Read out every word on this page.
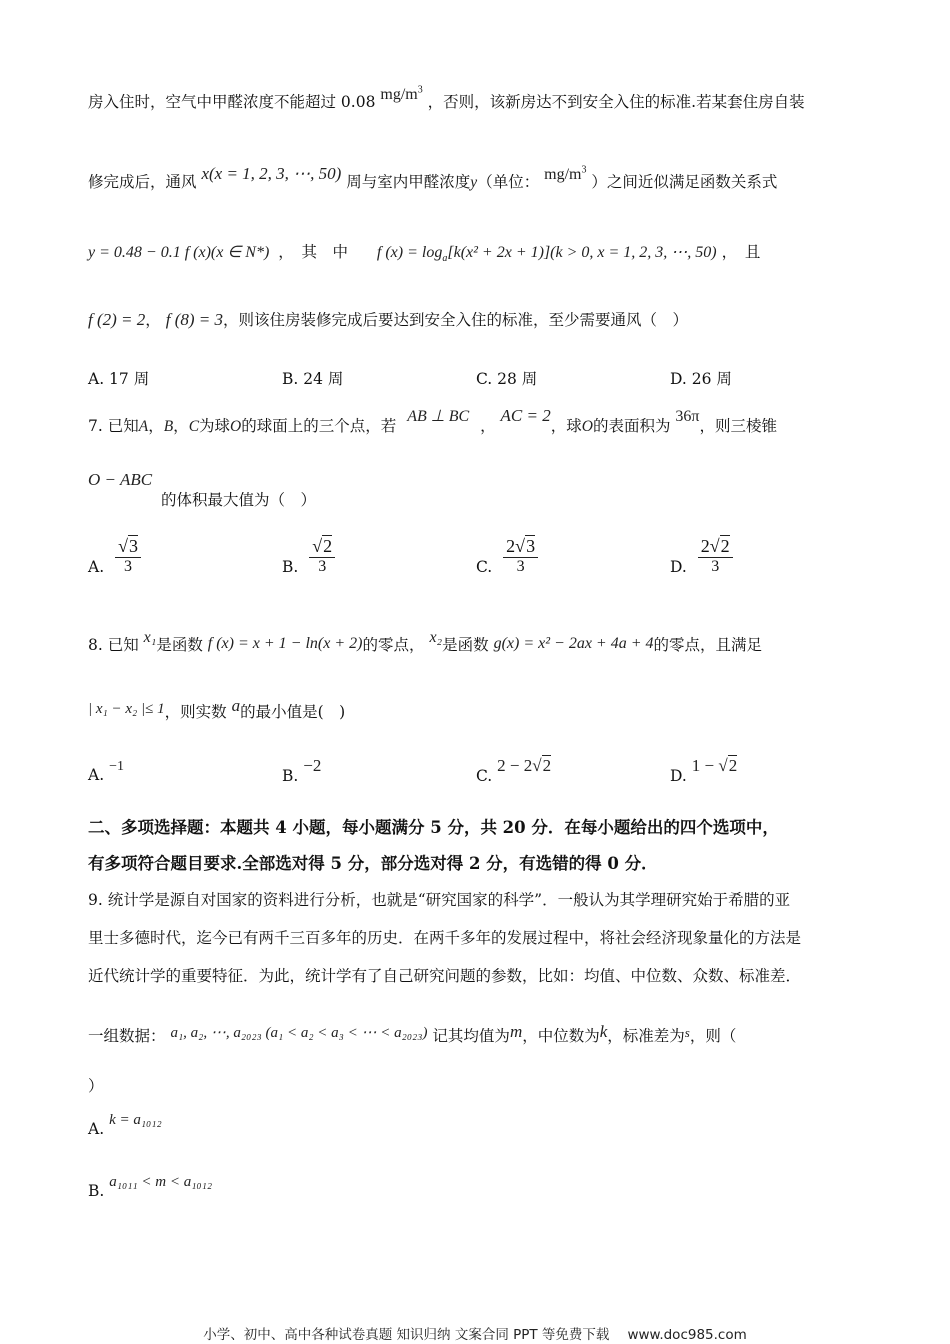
房入住时，空气中甲醛浓度不能超过 0.08 $mg/m^3$ ，否则，该新房达不到安全入住的标准.若某套住房自装
修完成后，通风 x(x = 1, 2, 3, ⋯, 50) 周与室内甲醛浓度y（单位： $mg/m^3$ ）之间近似满足函数关系式
y = 0.48 − 0.1 f (x)(x ∈ N*) ，　其　中 f $(x) = \log_a[k(x^2 + 2x + 1)](k > 0$, x = 1, 2, 3, ⋯, 50) ，　且
f (2) = 2， f (8) = 3，则该住房装修完成后要达到安全入住的标准，至少需要通风（　）
A. 17 周	B. 24 周	C. 28 周	D. 26 周
7. 已知A，B，C为球O的球面上的三个点，若 AB ⊥ BC ， AC = 2，球O的表面积为 36π，则三棱锥
O − ABC 的体积最大值为（　）
A. $\frac{√3}{3}$	B. $\frac{√2}{3}$	C. $\frac{2√3}{3}$	D. $\frac{2√2}{3}$
8. 已知 x₁是函数 f (x) = x + 1 − ln(x + 2)的零点， x₂是函数 g(x) = x² − 2ax + 4a + 4的零点，且满足
| x₁ − x₂ |≤ 1，则实数 a的最小值是(　)
A. −1
B. −2
C. 2 − 2√2
D. 1 − √2
二、多项选择题：本题共 4 小题，每小题满分 5 分，共 20 分．在每小题给出的四个选项中，
有多项符合题目要求.全部选对得 5 分，部分选对得 2 分，有选错的得 0 分．
9. 统计学是源自对国家的资料进行分析，也就是“研究国家的科学”．一般认为其学理研究始于希腊的亚
里士多德时代，迄今已有两千三百多年的历史．在两千多年的发展过程中，将社会经济现象量化的方法是
近代统计学的重要特征．为此，统计学有了自己研究问题的参数，比如：均值、中位数、众数、标准差．
一组数据： a₁, a₂, ⋯, a₂₀₂₃ (a₁ < a₂ < a₃ < ⋯ < a₂₀₂₃) 记其均值为m，中位数为k，标准差为$^s$，则（
）
A. k = a₁₀₁₂
B. a₁₀₁₁ < m < a₁₀₁₂
小学、初中、高中各种试卷真题 知识归纳 文案合同 PPT 等免费下载 www.doc985.com
